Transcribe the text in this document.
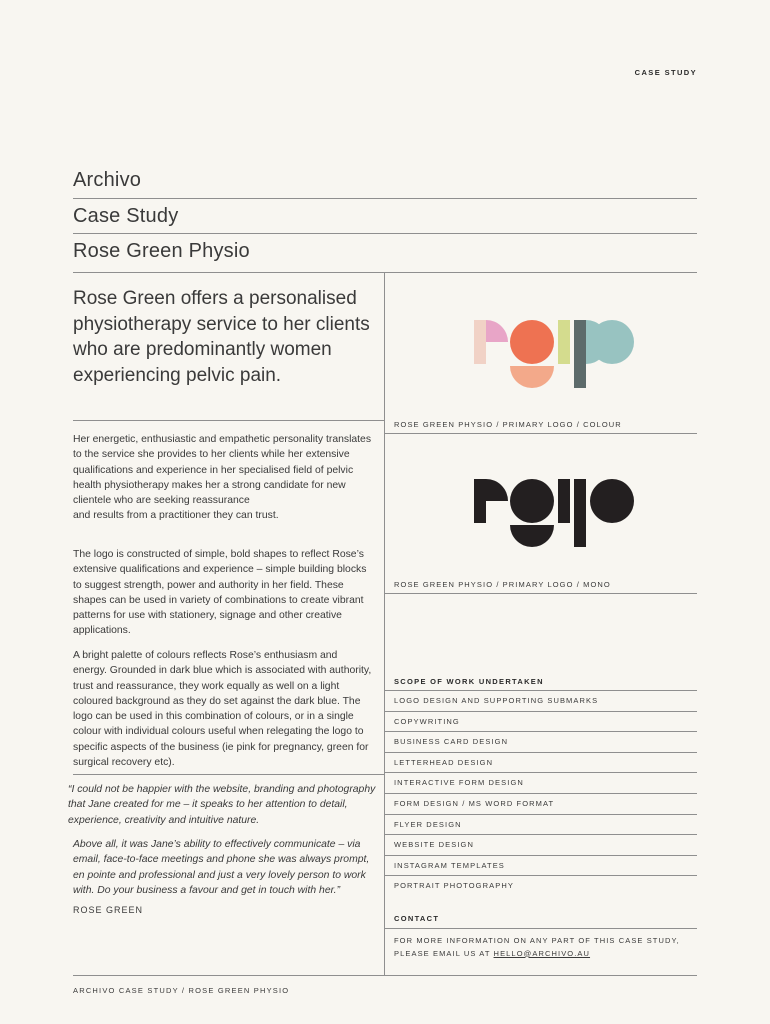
CASE STUDY
Archivo
Case Study
Rose Green Physio
Rose Green offers a personalised physiotherapy service to her clients who are predominantly women experiencing pelvic pain.
Her energetic, enthusiastic and empathetic personality translates to the service she provides to her clients while her extensive qualifications and experience in her specialised field of pelvic health physiotherapy makes her a strong candidate for new clientele who are seeking reassurance
and results from a practitioner they can trust.
The logo is constructed of simple, bold shapes to reflect Rose’s extensive qualifications and experience – simple building blocks to suggest strength, power and authority in her field. These shapes can be used in variety of combinations to create vibrant patterns for use with stationery, signage and other creative applications.
A bright palette of colours reflects Rose’s enthusiasm and energy. Grounded in dark blue which is associated with authority, trust and reassurance, they work equally as well on a light coloured background as they do set against the dark blue. The logo can be used in this combination of colours, or in a single colour with individual colours useful when relegating the logo to specific aspects of the business (ie pink for pregnancy, green for surgical recovery etc).
“I could not be happier with the website, branding and photography that Jane created for me – it speaks to her attention to detail, experience, creativity and intuitive nature.
Above all, it was Jane’s ability to effectively communicate – via email, face-to-face meetings and phone she was always prompt, en pointe and professional and just a very lovely person to work with. Do your business a favour and get in touch with her.”
ROSE GREEN
ROSE GREEN PHYSIO / PRIMARY LOGO / COLOUR
ROSE GREEN PHYSIO / PRIMARY LOGO / MONO
SCOPE OF WORK UNDERTAKEN
LOGO DESIGN AND SUPPORTING SUBMARKS
COPYWRITING
BUSINESS CARD DESIGN
LETTERHEAD DESIGN
INTERACTIVE FORM DESIGN
FORM DESIGN / MS WORD FORMAT
FLYER DESIGN
WEBSITE DESIGN
INSTAGRAM TEMPLATES
PORTRAIT PHOTOGRAPHY
CONTACT
FOR MORE INFORMATION ON ANY PART OF THIS CASE STUDY,
PLEASE EMAIL US AT HELLO@ARCHIVO.AU
ARCHIVO CASE STUDY / ROSE GREEN PHYSIO
